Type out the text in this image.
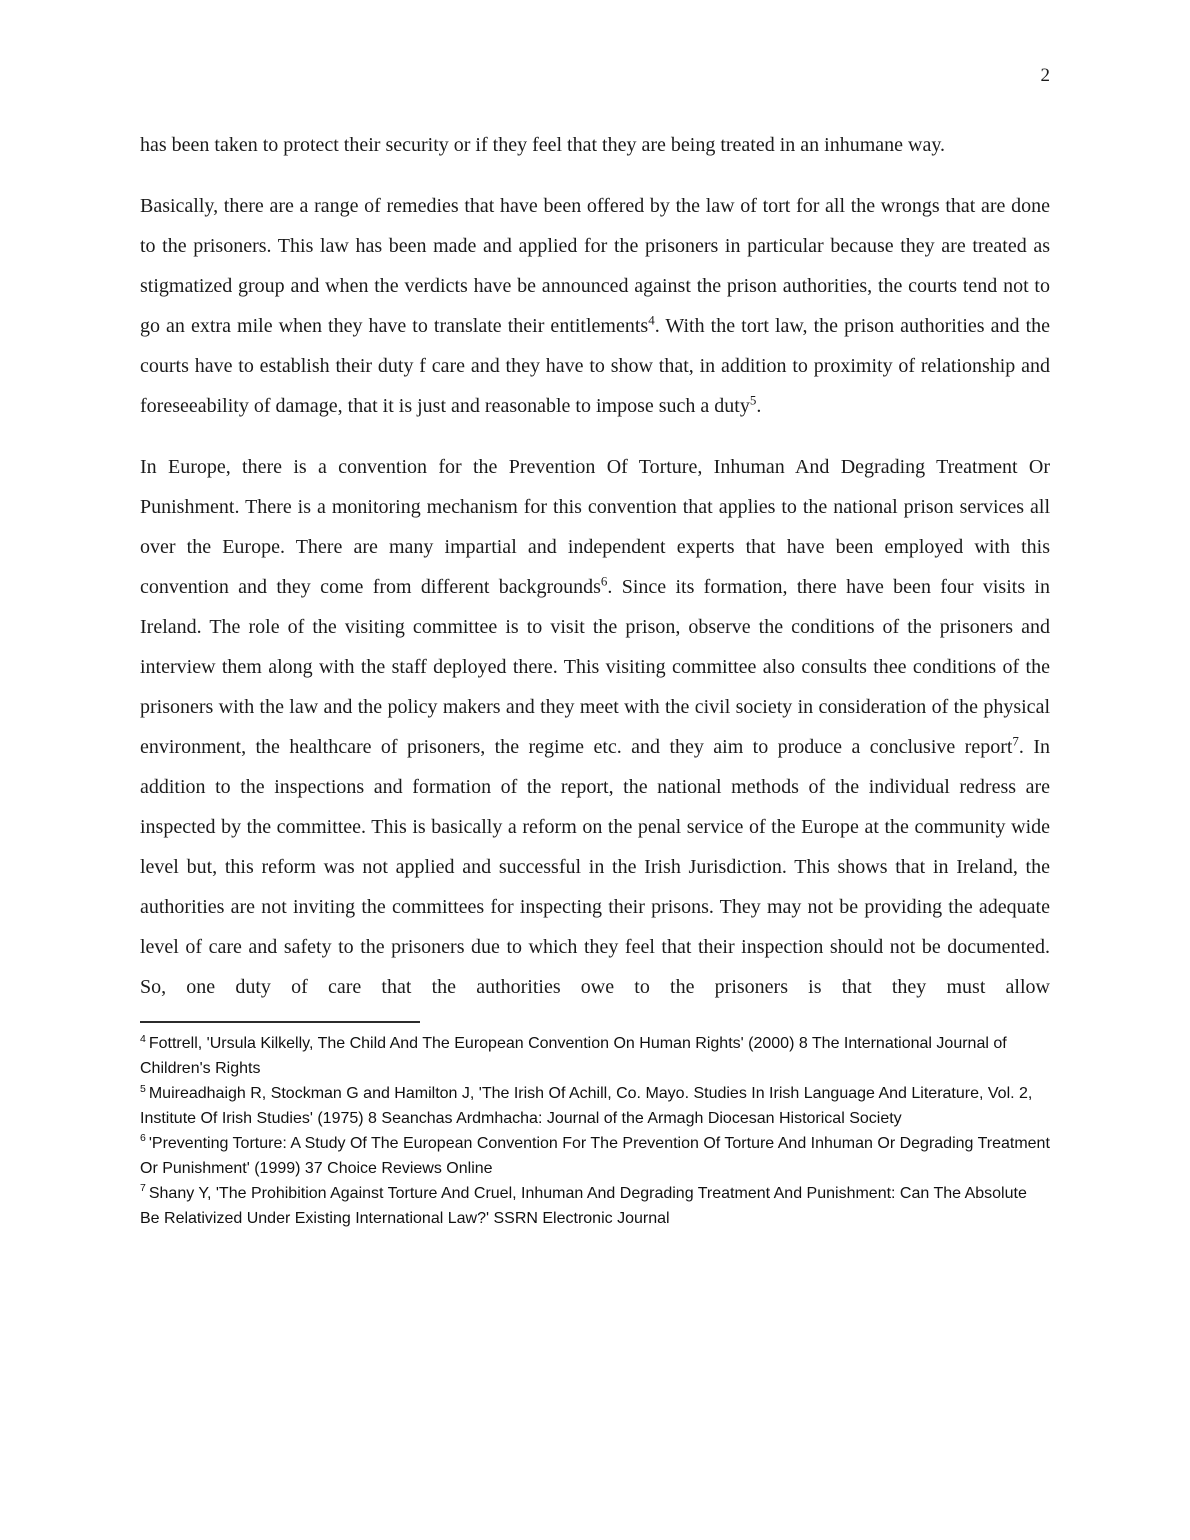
2

has been taken to protect their security or if they feel that they are being treated in an inhumane way.

Basically, there are a range of remedies that have been offered by the law of tort for all the wrongs that are done to the prisoners. This law has been made and applied for the prisoners in particular because they are treated as stigmatized group and when the verdicts have be announced against the prison authorities, the courts tend not to go an extra mile when they have to translate their entitlements$^4$. With the tort law, the prison authorities and the courts have to establish their duty f care and they have to show that, in addition to proximity of relationship and foreseeability of damage, that it is just and reasonable to impose such a duty$^5$.

In Europe, there is a convention for the Prevention Of Torture, Inhuman And Degrading Treatment Or Punishment. There is a monitoring mechanism for this convention that applies to the national prison services all over the Europe. There are many impartial and independent experts that have been employed with this convention and they come from different backgrounds$^6$. Since its formation, there have been four visits in Ireland. The role of the visiting committee is to visit the prison, observe the conditions of the prisoners and interview them along with the staff deployed there. This visiting committee also consults thee conditions of the prisoners with the law and the policy makers and they meet with the civil society in consideration of the physical environment, the healthcare of prisoners, the regime etc. and they aim to produce a conclusive report$^7$. In addition to the inspections and formation of the report, the national methods of the individual redress are inspected by the committee. This is basically a reform on the penal service of the Europe at the community wide level but, this reform was not applied and successful in the Irish Jurisdiction. This shows that in Ireland, the authorities are not inviting the committees for inspecting their prisons. They may not be providing the adequate level of care and safety to the prisoners due to which they feel that their inspection should not be documented. So, one duty of care that the authorities owe to the prisoners is that they must allow

$^4$ Fottrell, 'Ursula Kilkelly, The Child And The European Convention On Human Rights' (2000) 8 The International Journal of Children's Rights
$^5$ Muireadhaigh R, Stockman G and Hamilton J, 'The Irish Of Achill, Co. Mayo. Studies In Irish Language And Literature, Vol. 2, Institute Of Irish Studies' (1975) 8 Seanchas Ardmhacha: Journal of the Armagh Diocesan Historical Society
$^6$ 'Preventing Torture: A Study Of The European Convention For The Prevention Of Torture And Inhuman Or Degrading Treatment Or Punishment' (1999) 37 Choice Reviews Online
$^7$ Shany Y, 'The Prohibition Against Torture And Cruel, Inhuman And Degrading Treatment And Punishment: Can The Absolute Be Relativized Under Existing International Law?' SSRN Electronic Journal
